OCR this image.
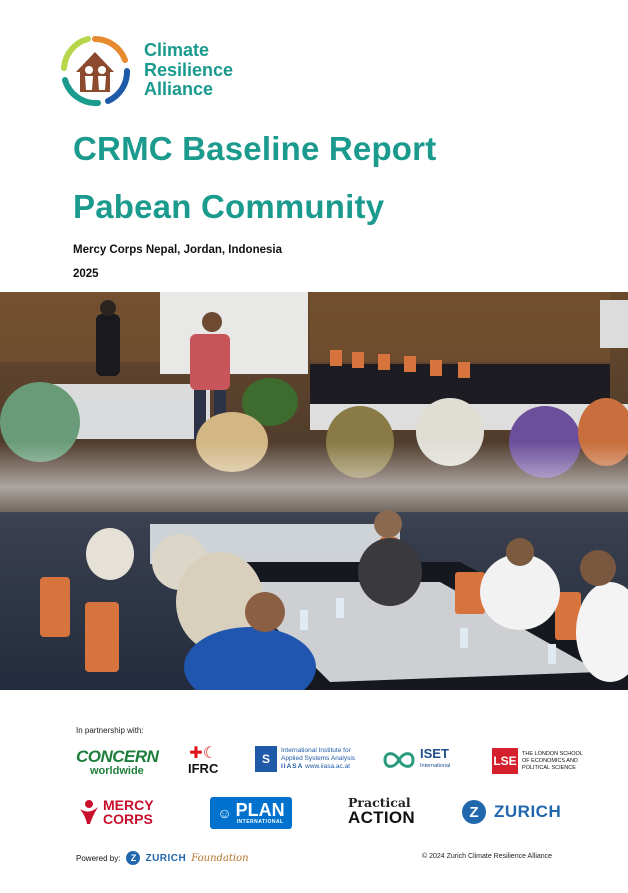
Climate
Resilience
Alliance
CRMC Baseline Report
Pabean Community
Mercy Corps Nepal, Jordan, Indonesia
2025
In partnership with:
CONCERN
worldwide
✚☾
IFRC
S
International Institute for
Applied Systems Analysis
IIASA www.iiasa.ac.at
ISET
International	LSE
THE LONDON SCHOOL
OF ECONOMICS AND
POLITICAL SCIENCE
MERCY
CORPS	☺ PLAN
INTERNATIONAL
Practical
ACTION	Z ZURICH
Powered by:	Z ZURICH Foundation	© 2024 Zurich Climate Resilience Alliance
